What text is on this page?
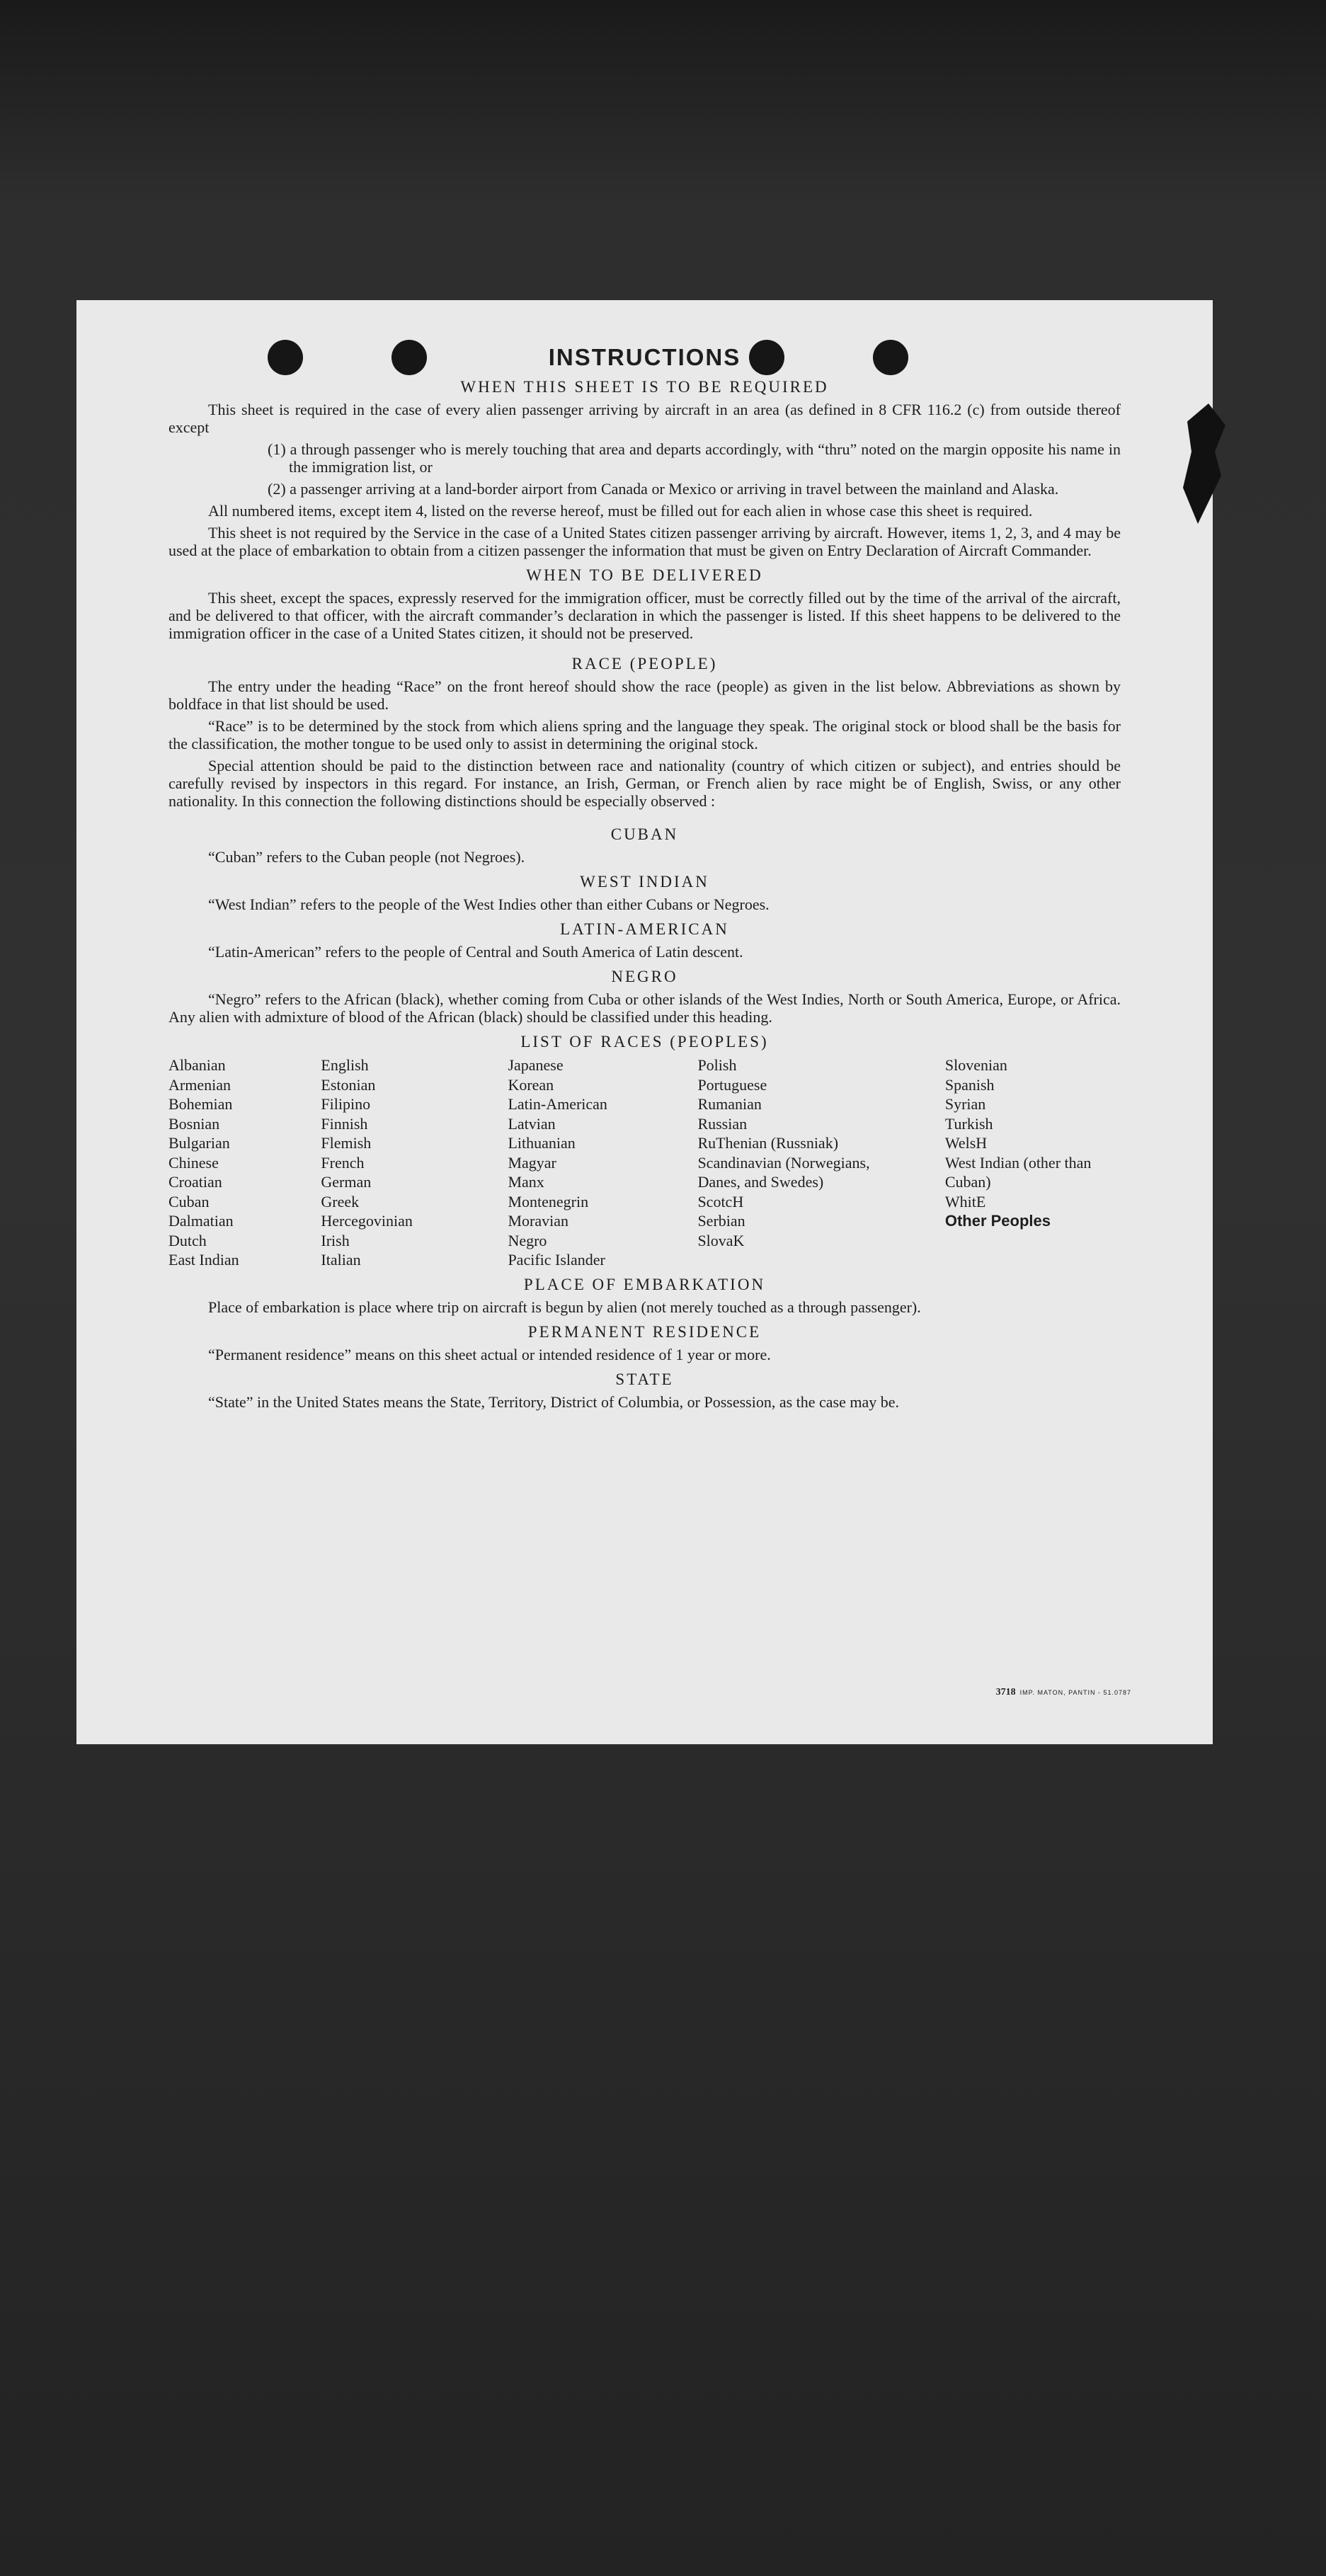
INSTRUCTIONS
WHEN THIS SHEET IS TO BE REQUIRED

This sheet is required in the case of every alien passenger arriving by aircraft in an area (as defined in 8 CFR 116.2 (c) from outside thereof except

(1) a through passenger who is merely touching that area and departs accordingly, with “thru” noted on the margin opposite his name in the immigration list, or

(2) a passenger arriving at a land-border airport from Canada or Mexico or arriving in travel between the mainland and Alaska.

All numbered items, except item 4, listed on the reverse hereof, must be filled out for each alien in whose case this sheet is required.

This sheet is not required by the Service in the case of a United States citizen passenger arriving by aircraft. However, items 1, 2, 3, and 4 may be used at the place of embarkation to obtain from a citizen passenger the information that must be given on Entry Declaration of Aircraft Commander.

WHEN TO BE DELIVERED

This sheet, except the spaces, expressly reserved for the immigration officer, must be correctly filled out by the time of the arrival of the aircraft, and be delivered to that officer, with the aircraft commander’s declaration in which the passenger is listed. If this sheet happens to be delivered to the immigration officer in the case of a United States citizen, it should not be preserved.

RACE (PEOPLE)

The entry under the heading “Race” on the front hereof should show the race (people) as given in the list below. Abbreviations as shown by boldface in that list should be used.

“Race” is to be determined by the stock from which aliens spring and the language they speak. The original stock or blood shall be the basis for the classification, the mother tongue to be used only to assist in determining the original stock.

Special attention should be paid to the distinction between race and nationality (country of which citizen or subject), and entries should be carefully revised by inspectors in this regard. For instance, an Irish, German, or French alien by race might be of English, Swiss, or any other nationality. In this connection the following distinctions should be especially observed :

CUBAN

“Cuban” refers to the Cuban people (not Negroes).

WEST INDIAN

“West Indian” refers to the people of the West Indies other than either Cubans or Negroes.

LATIN-AMERICAN

“Latin-American” refers to the people of Central and South America of Latin descent.

NEGRO

“Negro” refers to the African (black), whether coming from Cuba or other islands of the West Indies, North or South America, Europe, or Africa. Any alien with admixture of blood of the African (black) should be classified under this heading.

LIST OF RACES (PEOPLES)
Albanian
Armenian
Bohemian
Bosnian
Bulgarian
Chinese
Croatian
Cuban
Dalmatian
Dutch
East Indian
English
Estonian
Filipino
Finnish
Flemish
French
German
Greek
Hercegovinian
Irish
Italian
Japanese
Korean
Latin-American
Latvian
Lithuanian
Magyar
Manx
Montenegrin
Moravian
Negro
Pacific Islander
Polish
Portuguese
Rumanian
Russian
RuThenian (Russniak)
Scandinavian (Norwegians, Danes, and Swedes)
ScotcH
Serbian
SlovaK
Slovenian
Spanish
Syrian
Turkish
WelsH
West Indian (other than Cuban)
WhitE
Other Peoples
PLACE OF EMBARKATION

Place of embarkation is place where trip on aircraft is begun by alien (not merely touched as a through passenger).

PERMANENT RESIDENCE

“Permanent residence” means on this sheet actual or intended residence of 1 year or more.

STATE

“State” in the United States means the State, Territory, District of Columbia, or Possession, as the case may be.

3718 IMP. MATON, PANTIN - 51.0787
